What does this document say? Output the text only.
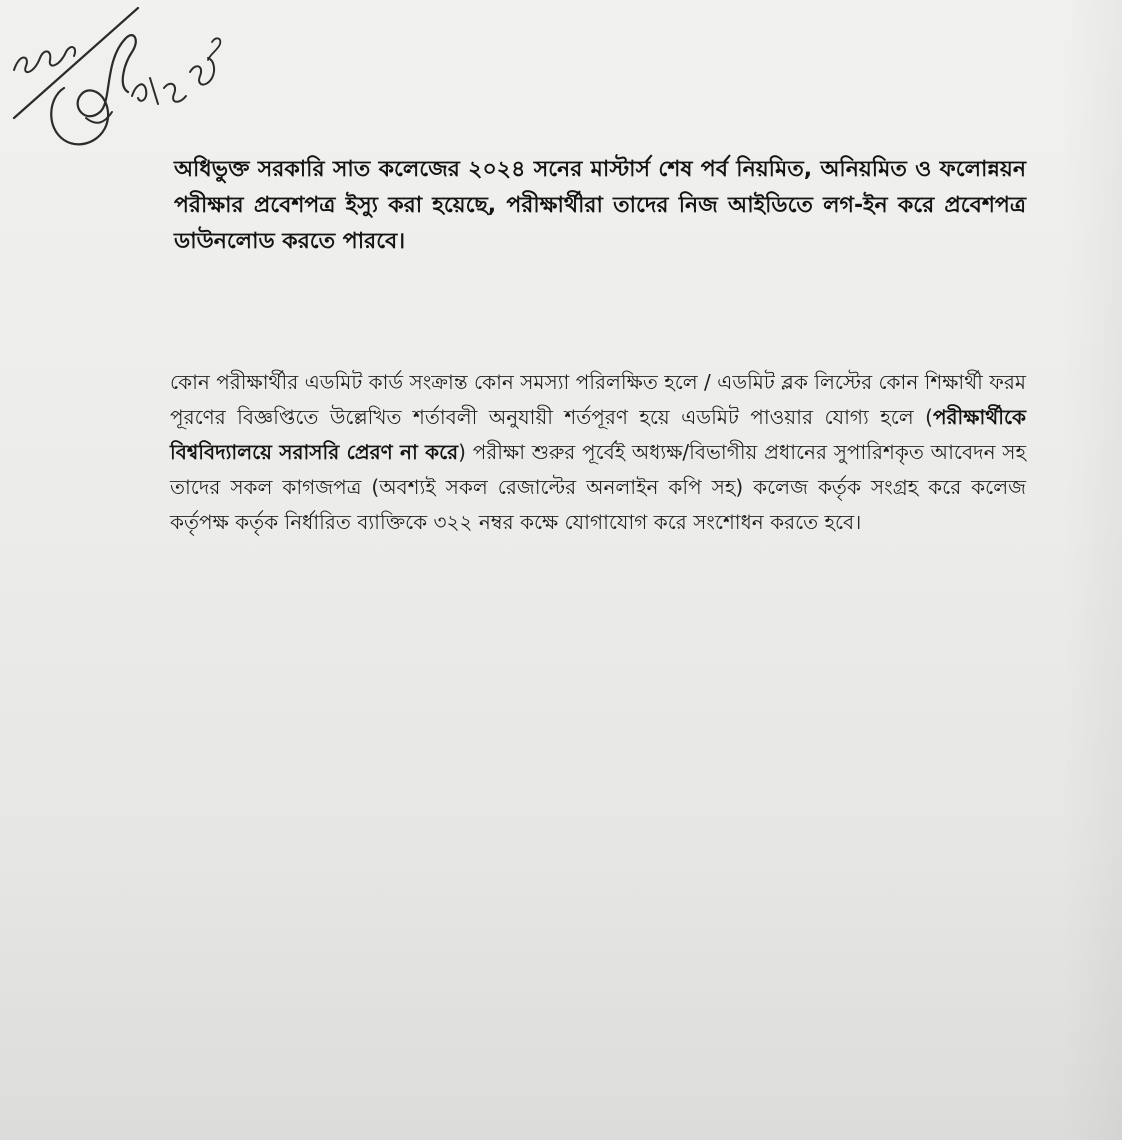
অধিভুক্ত সরকারি সাত কলেজের ২০২৪ সনের মাস্টার্স শেষ পর্ব নিয়মিত, অনিয়মিত ও ফলোন্নয়ন পরীক্ষার প্রবেশপত্র ইস্যু করা হয়েছে, পরীক্ষার্থীরা তাদের নিজ আইডিতে লগ-ইন করে প্রবেশপত্র ডাউনলোড করতে পারবে।

কোন পরীক্ষার্থীর এডমিট কার্ড সংক্রান্ত কোন সমস্যা পরিলক্ষিত হলে / এডমিট ব্লক লিস্টের কোন শিক্ষার্থী ফরম পূরণের বিজ্ঞপ্তিতে উল্লেখিত শর্তাবলী অনুযায়ী শর্তপূরণ হয়ে এডমিট পাওয়ার যোগ্য হলে (পরীক্ষার্থীকে বিশ্ববিদ্যালয়ে সরাসরি প্রেরণ না করে) পরীক্ষা শুরুর পূর্বেই অধ্যক্ষ/বিভাগীয় প্রধানের সুপারিশকৃত আবেদন সহ তাদের সকল কাগজপত্র (অবশ্যই সকল রেজাল্টের অনলাইন কপি সহ) কলেজ কর্তৃক সংগ্রহ করে কলেজ কর্তৃপক্ষ কর্তৃক নির্ধারিত ব্যাক্তিকে ৩২২ নম্বর কক্ষে যোগাযোগ করে সংশোধন করতে হবে।
